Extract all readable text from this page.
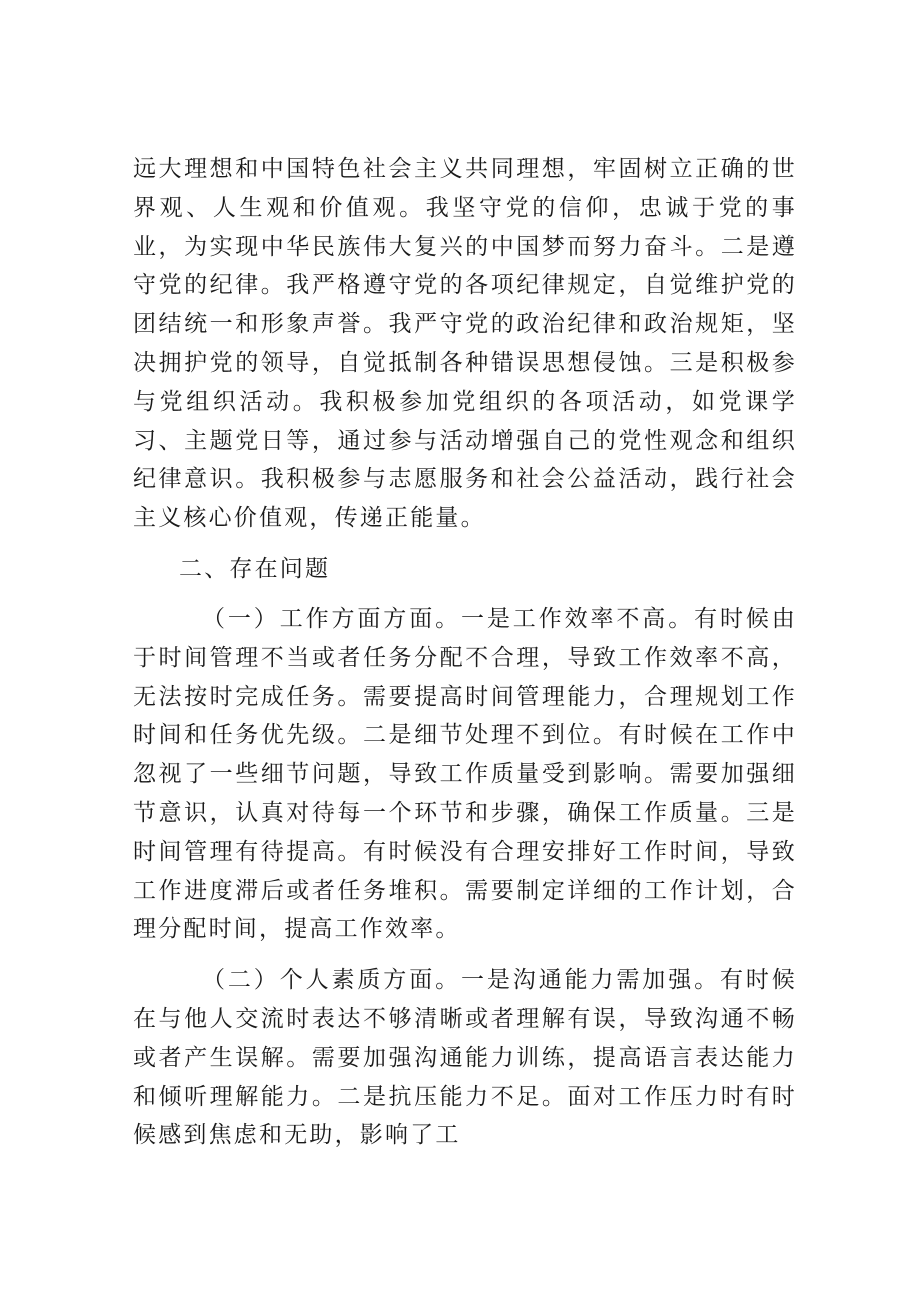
远大理想和中国特色社会主义共同理想，牢固树立正确的世界观、人生观和价值观。我坚守党的信仰，忠诚于党的事业，为实现中华民族伟大复兴的中国梦而努力奋斗。二是遵守党的纪律。我严格遵守党的各项纪律规定，自觉维护党的团结统一和形象声誉。我严守党的政治纪律和政治规矩，坚决拥护党的领导，自觉抵制各种错误思想侵蚀。三是积极参与党组织活动。我积极参加党组织的各项活动，如党课学习、主题党日等，通过参与活动增强自己的党性观念和组织纪律意识。我积极参与志愿服务和社会公益活动，践行社会主义核心价值观，传递正能量。

二、存在问题

（一）工作方面方面。一是工作效率不高。有时候由于时间管理不当或者任务分配不合理，导致工作效率不高，无法按时完成任务。需要提高时间管理能力，合理规划工作时间和任务优先级。二是细节处理不到位。有时候在工作中忽视了一些细节问题，导致工作质量受到影响。需要加强细节意识，认真对待每一个环节和步骤，确保工作质量。三是时间管理有待提高。有时候没有合理安排好工作时间，导致工作进度滞后或者任务堆积。需要制定详细的工作计划，合理分配时间，提高工作效率。

（二）个人素质方面。一是沟通能力需加强。有时候在与他人交流时表达不够清晰或者理解有误，导致沟通不畅或者产生误解。需要加强沟通能力训练，提高语言表达能力和倾听理解能力。二是抗压能力不足。面对工作压力时有时候感到焦虑和无助，影响了工
